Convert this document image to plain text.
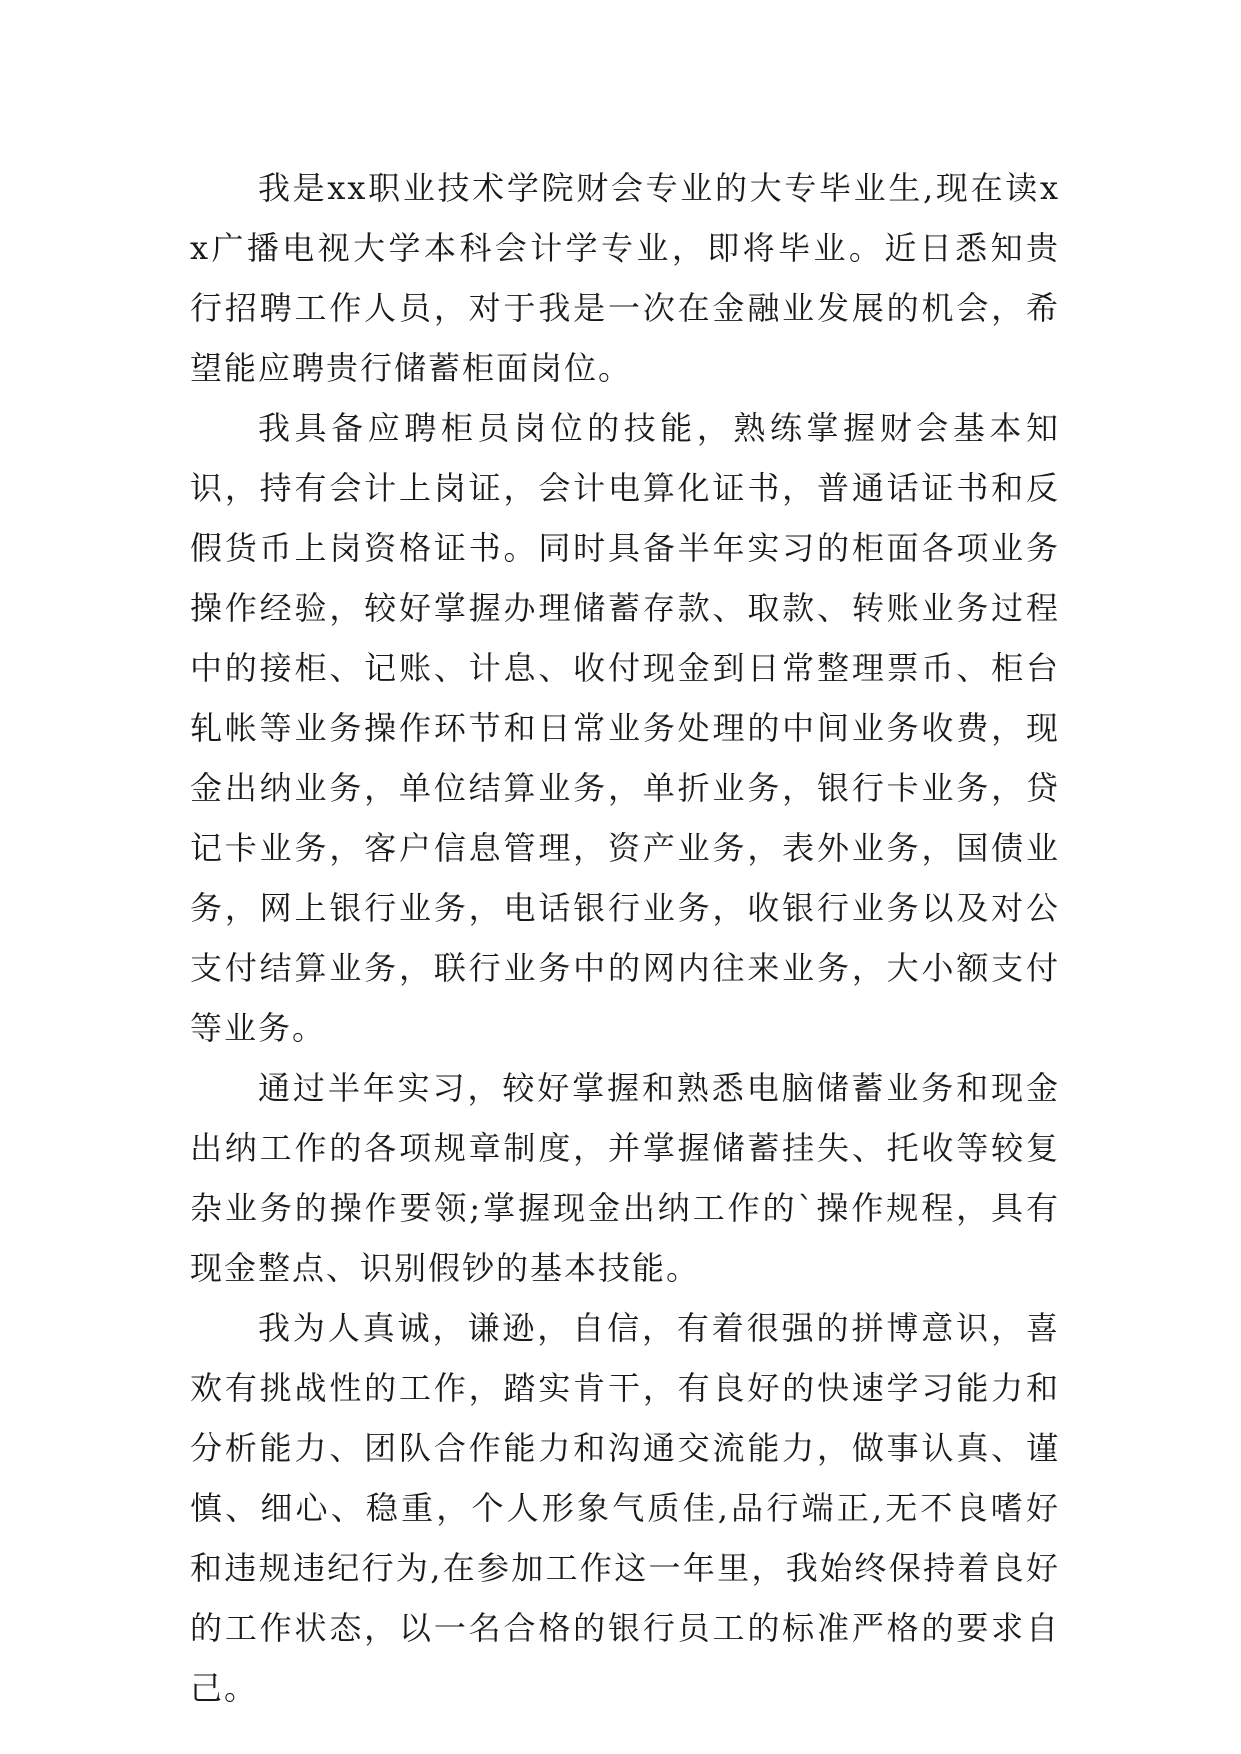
我是xx职业技术学院财会专业的大专毕业生,现在读xx广播电视大学本科会计学专业，即将毕业。近日悉知贵行招聘工作人员，对于我是一次在金融业发展的机会，希望能应聘贵行储蓄柜面岗位。

我具备应聘柜员岗位的技能，熟练掌握财会基本知识，持有会计上岗证，会计电算化证书，普通话证书和反假货币上岗资格证书。同时具备半年实习的柜面各项业务操作经验，较好掌握办理储蓄存款、取款、转账业务过程中的接柜、记账、计息、收付现金到日常整理票币、柜台轧帐等业务操作环节和日常业务处理的中间业务收费，现金出纳业务，单位结算业务，单折业务，银行卡业务，贷记卡业务，客户信息管理，资产业务，表外业务，国债业务，网上银行业务，电话银行业务，收银行业务以及对公支付结算业务，联行业务中的网内往来业务，大小额支付等业务。

通过半年实习，较好掌握和熟悉电脑储蓄业务和现金出纳工作的各项规章制度，并掌握储蓄挂失、托收等较复杂业务的操作要领;掌握现金出纳工作的`操作规程，具有现金整点、识别假钞的基本技能。

我为人真诚，谦逊，自信，有着很强的拼博意识，喜欢有挑战性的工作，踏实肯干，有良好的快速学习能力和分析能力、团队合作能力和沟通交流能力，做事认真、谨慎、细心、稳重，个人形象气质佳,品行端正,无不良嗜好和违规违纪行为,在参加工作这一年里，我始终保持着良好的工作状态，以一名合格的银行员工的标准严格的要求自己。
